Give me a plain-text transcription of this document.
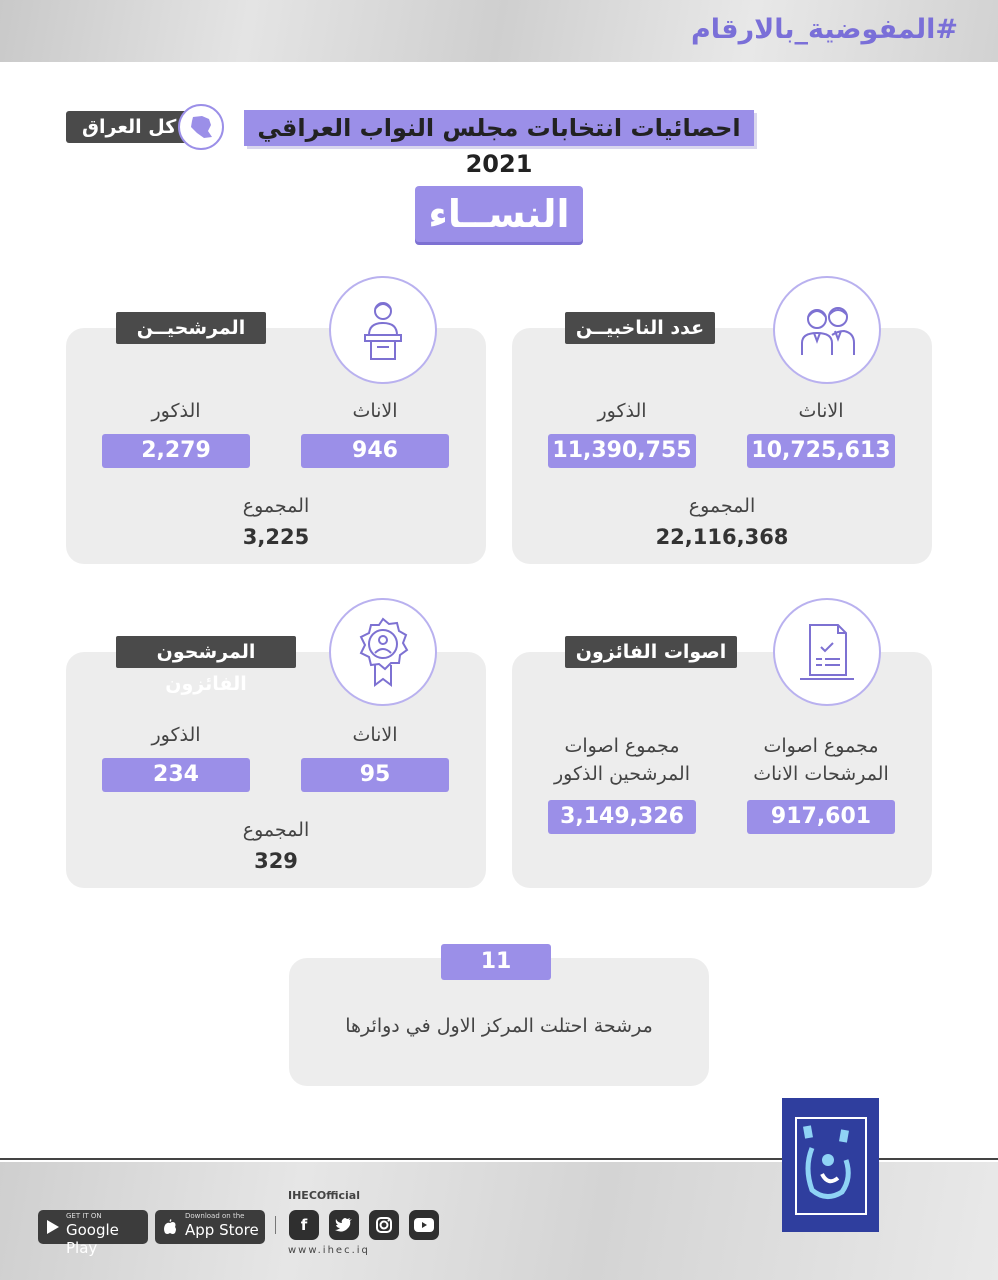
#المفوضية_بالارقام
احصائيات انتخابات مجلس النواب العراقي 2021
كل العراق
النســاء
عدد الناخبيــن
الاناث
10,725,613
الذكور
11,390,755
المجموع
22,116,368
المرشحيــن
الاناث
946
الذكور
2,279
المجموع
3,225
اصوات الفائزون
مجموع اصوات
المرشحات الاناث
917,601
مجموع اصوات
المرشحين الذكور
3,149,326
المرشحون الفائزون
الاناث
95
الذكور
234
المجموع
329
11
مرشحة احتلت المركز الاول في دوائرها
GET IT ON
Google Play
Download on the
App Store
IHECOfficial
f
www.ihec.iq
